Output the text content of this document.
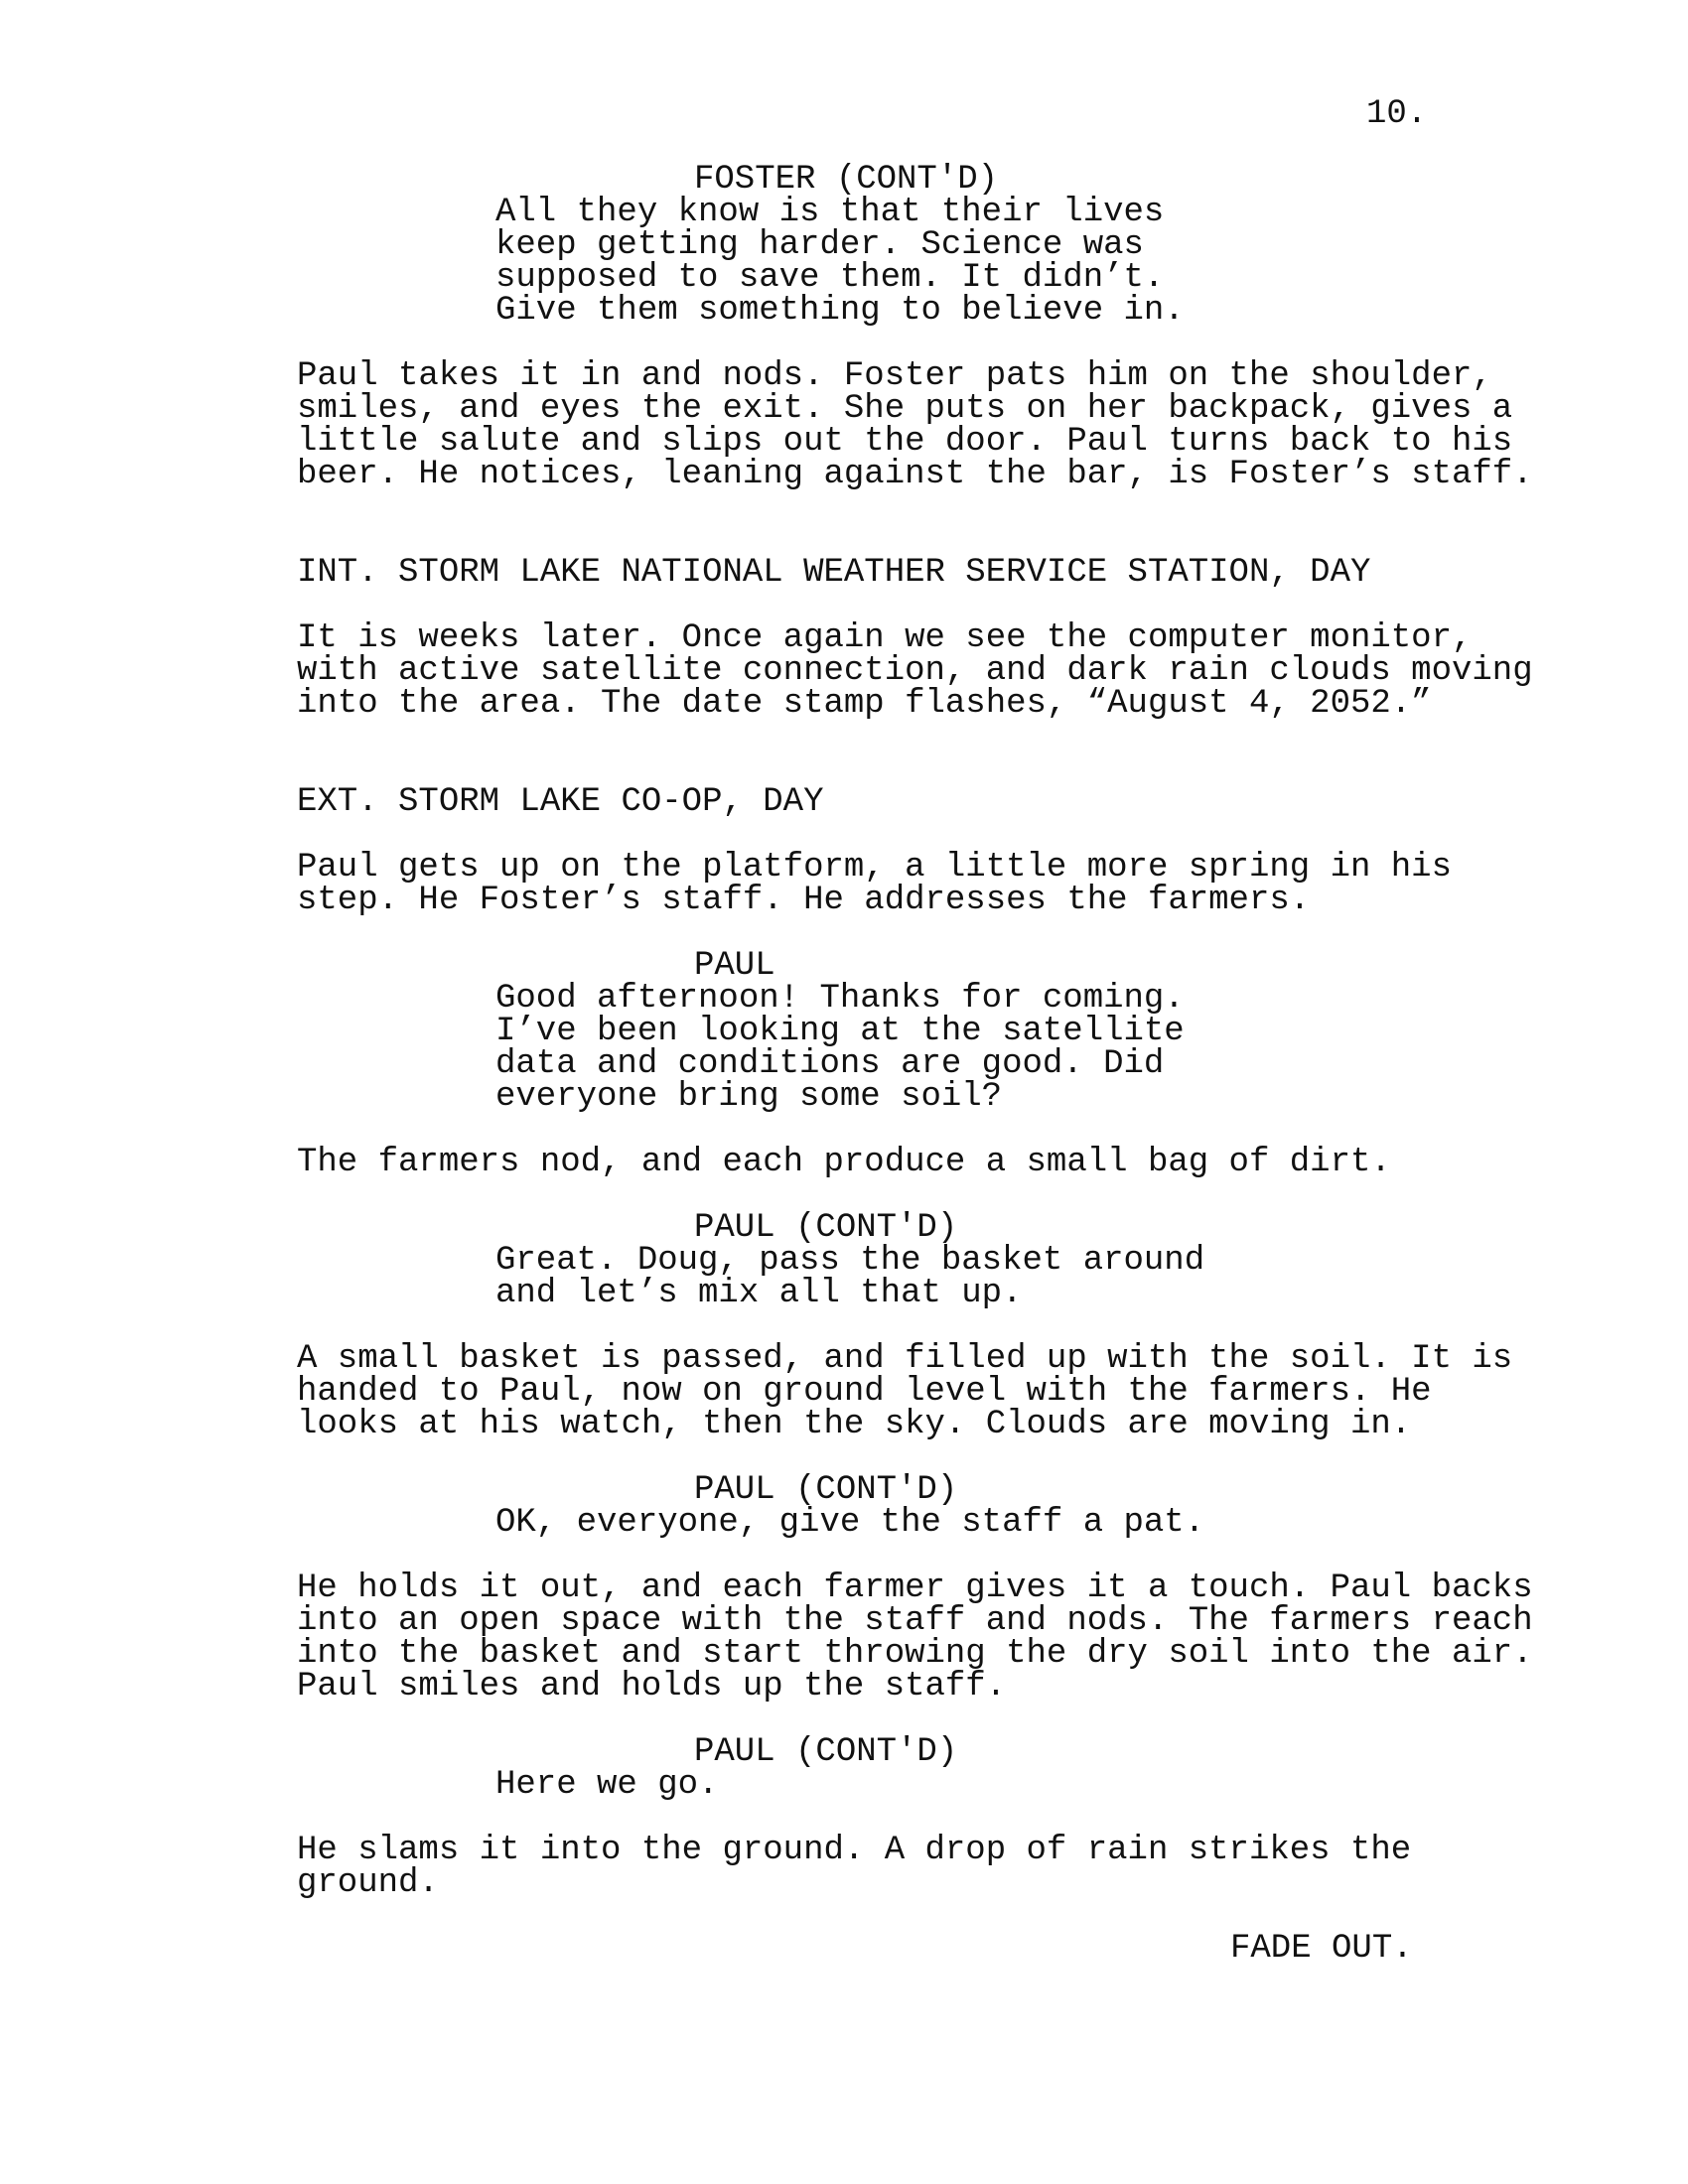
10.
FOSTER (CONT'D)
All they know is that their lives
keep getting harder. Science was
supposed to save them. It didn’t.
Give them something to believe in.
Paul takes it in and nods. Foster pats him on the shoulder,
smiles, and eyes the exit. She puts on her backpack, gives a
little salute and slips out the door. Paul turns back to his
beer. He notices, leaning against the bar, is Foster’s staff.
INT. STORM LAKE NATIONAL WEATHER SERVICE STATION, DAY
It is weeks later. Once again we see the computer monitor,
with active satellite connection, and dark rain clouds moving
into the area. The date stamp flashes, “August 4, 2052.”
EXT. STORM LAKE CO-OP, DAY
Paul gets up on the platform, a little more spring in his
step. He Foster’s staff. He addresses the farmers.
PAUL
Good afternoon! Thanks for coming.
I’ve been looking at the satellite
data and conditions are good. Did
everyone bring some soil?
The farmers nod, and each produce a small bag of dirt.
PAUL (CONT'D)
Great. Doug, pass the basket around
and let’s mix all that up.
A small basket is passed, and filled up with the soil. It is
handed to Paul, now on ground level with the farmers. He
looks at his watch, then the sky. Clouds are moving in.
PAUL (CONT'D)
OK, everyone, give the staff a pat.
He holds it out, and each farmer gives it a touch. Paul backs
into an open space with the staff and nods. The farmers reach
into the basket and start throwing the dry soil into the air.
Paul smiles and holds up the staff.
PAUL (CONT'D)
Here we go.
He slams it into the ground. A drop of rain strikes the
ground.
FADE OUT.
